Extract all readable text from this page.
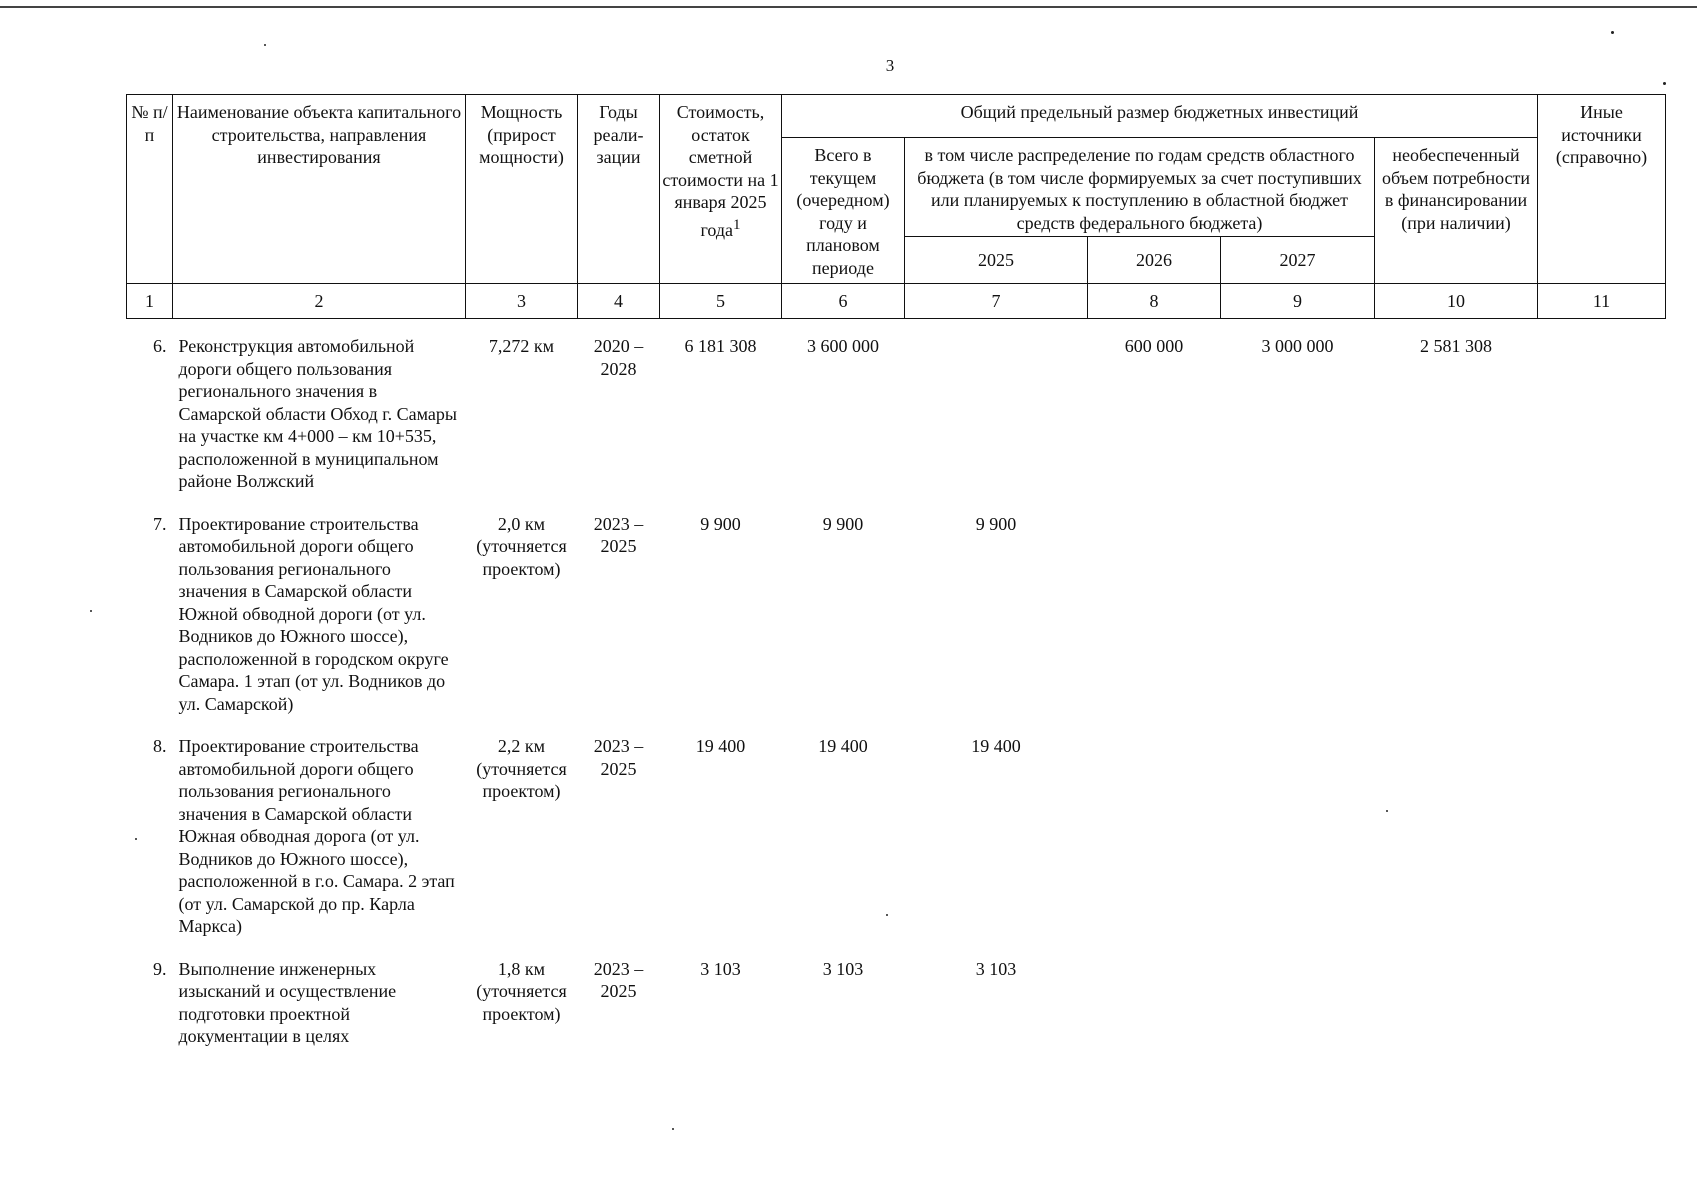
3
№ п/п	Наименование объекта капитального строительства, направления инвестирования	Мощность (прирост мощности)	Годы реали-зации	Стоимость, остаток сметной стоимости на 1 января 2025 года$^1$	Общий предельный размер бюджетных инвестиций					Иные источники (справочно)
					Всего в текущем (очередном) году и плановом периоде	в том числе распределение по годам средств областного бюджета (в том числе формируемых за счет поступивших или планируемых к поступлению в областной бюджет средств федерального бюджета)			необеспеченный объем потребности в финансировании (при наличии)	
						2025	2026	2027		
1	2	3	4	5	6	7	8	9	10	11
6.	Реконструкция автомобильной дороги общего пользования регионального значения в Самарской области Обход г. Самары на участке км 4+000 – км 10+535, расположенной в муниципальном районе Волжский	7,272 км	2020 – 2028	6 181 308	3 600 000		600 000	3 000 000	2 581 308	
7.	Проектирование строительства автомобильной дороги общего пользования регионального значения в Самарской области Южной обводной дороги (от ул. Водников до Южного шоссе), расположенной в городском округе Самара. 1 этап (от ул. Водников до ул. Самарской)	2,0 км (уточняется проектом)	2023 – 2025	9 900	9 900	9 900				
8.	Проектирование строительства автомобильной дороги общего пользования регионального значения в Самарской области Южная обводная дорога (от ул. Водников до Южного шоссе), расположенной в г.о. Самара. 2 этап (от ул. Самарской до пр. Карла Маркса)	2,2 км (уточняется проектом)	2023 – 2025	19 400	19 400	19 400				
9.	Выполнение инженерных изысканий и осуществление подготовки проектной документации в целях	1,8 км (уточняется проектом)	2023 – 2025	3 103	3 103	3 103				
